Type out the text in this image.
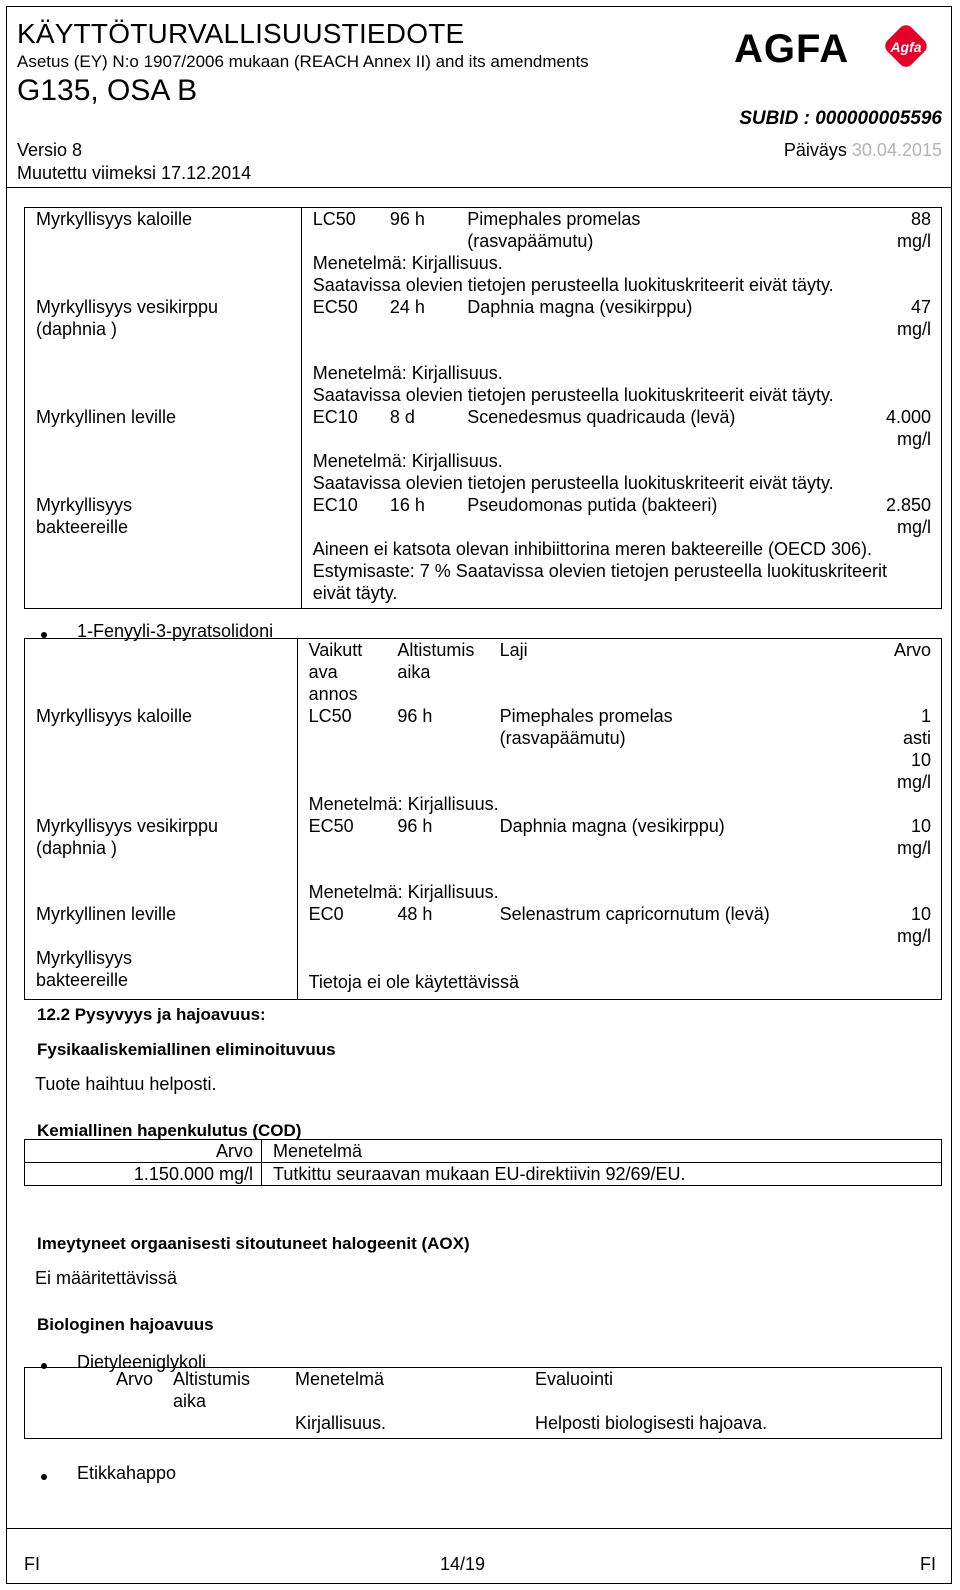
KÄYTTÖTURVALLISUUSTIEDOTE
Asetus (EY) N:o 1907/2006 mukaan (REACH Annex II) and its amendments
G135, OSA B
AGFA	Agfa
SUBID : 000000005596
Versio 8
Muutettu viimeksi 17.12.2014
Päiväys 30.04.2015
Myrkyllisyys kaloille	LC50	96 h	Pimephales promelas (rasvapäämutu)	88 mg/l
	Menetelmä: Kirjallisuus.			
	Saatavissa olevien tietojen perusteella luokituskriteerit eivät täyty.			

Myrkyllisyys vesikirppu (daphnia )	EC50	24 h	Daphnia magna (vesikirppu)	47 mg/l
	Menetelmä: Kirjallisuus.			
	Saatavissa olevien tietojen perusteella luokituskriteerit eivät täyty.			
Myrkyllinen leville	EC10	8 d	Scenedesmus quadricauda (levä)	4.000 mg/l
	Menetelmä: Kirjallisuus.			
	Saatavissa olevien tietojen perusteella luokituskriteerit eivät täyty.			
Myrkyllisyys bakteereille	EC10	16 h	Pseudomonas putida (bakteeri)	2.850 mg/l
	Aineen ei katsota olevan inhibiittorina meren bakteereille (OECD 306).			
	Estymisaste: 7 % Saatavissa olevien tietojen perusteella luokituskriteerit eivät täyty.			
1-Fenyyli-3-pyratsolidoni
	Vaikutt ava annos	Altistumis aika	Laji	Arvo
Myrkyllisyys kaloille	LC50	96 h	Pimephales promelas (rasvapäämutu)	1 asti 10 mg/l
	Menetelmä: Kirjallisuus.			
Myrkyllisyys vesikirppu (daphnia )	EC50	96 h	Daphnia magna (vesikirppu)	10 mg/l
	Menetelmä: Kirjallisuus.			
Myrkyllinen leville	EC0	48 h	Selenastrum capricornutum (levä)	10 mg/l
Myrkyllisyys bakteereille	Tietoja ei ole käytettävissä			
12.2 Pysyvyys ja hajoavuus:
Fysikaaliskemiallinen eliminoituvuus
Tuote haihtuu helposti.
Kemiallinen hapenkulutus (COD)
Arvo	Menetelmä
1.150.000 mg/l	Tutkittu seuraavan mukaan EU-direktiivin 92/69/EU.
Imeytyneet orgaanisesti sitoutuneet halogeenit (AOX)
Ei määritettävissä
Biologinen hajoavuus
Dietyleeniglykoli
Arvo	Altistumis aika	Menetelmä	Evaluointi
		Kirjallisuus.	Helposti biologisesti hajoava.
Etikkahappo
FI	14/19	FI
